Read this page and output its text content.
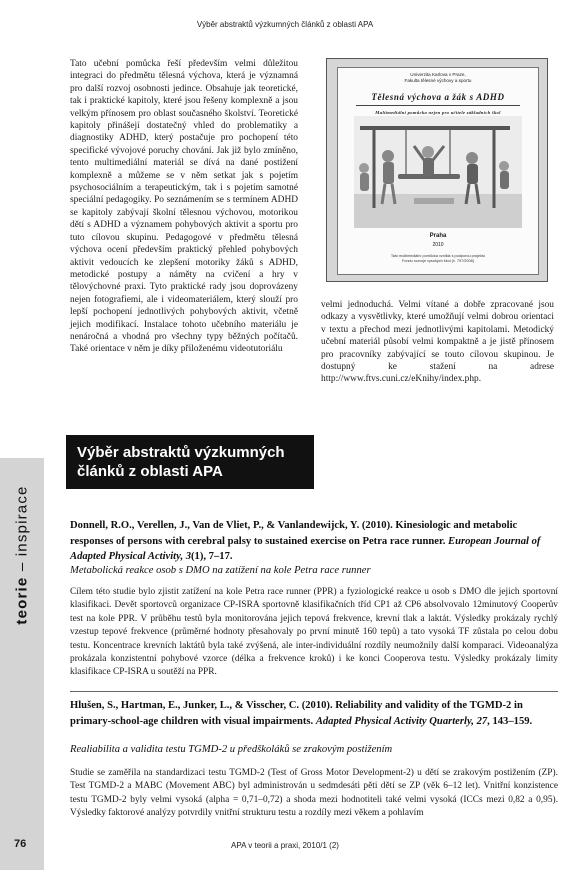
Výběr abstraktů výzkumných článků z oblasti APA

Tato učební pomůcka řeší především velmi důležitou integraci do předmětu tělesná výchova, která je významná pro další rozvoj osobnosti jedince. Obsahuje jak teoretické, tak i praktické kapitoly, které jsou řešeny komplexně a jsou velkým přínosem pro oblast současného školství. Teoretické kapitoly přinášejí dostatečný vhled do problematiky a diagnostiky ADHD, který postačuje pro pochopení této specifické vývojové poruchy chování. Jak již bylo zmíněno, tento multimediální materiál se dívá na dané postižení komplexně a můžeme se v něm setkat jak s pojetím psychosociálním a terapeutickým, tak i s pojetím samotné speciální pedagogiky. Po seznámením se s termínem ADHD se kapitoly zabývají školní tělesnou výchovou, motorikou dětí s ADHD a významem pohybových aktivit a sportu pro tuto cílovou skupinu. Pedagogové v předmětu tělesná výchova ocení především praktický přehled pohybových aktivit vedoucích ke zlepšení motoriky žáků s ADHD, metodické postupy a náměty na cvičení a hry v tělovýchovné praxi. Tyto praktické rady jsou doprovázeny nejen fotografiemi, ale i videomateriálem, který slouží pro lepší pochopení jednotlivých pohybových aktivit, včetně jejich modifikací. Instalace tohoto učebního materiálu je nenáročná a vhodná pro všechny typy běžných počítačů. Také orientace v něm je díky přiloženému videotutoriálu

Univerzita Karlova v Praze,
Fakulta tělesné výchovy a sportu
Tělesná výchova a žák s ADHD
Multimediální pomůcka nejen pro učitele základních škol
Praha
2010
Tato multimediální pomůcka vznikla s podporou projektu
Fondu rozvoje vysokých škol (č. 797/2008)

velmi jednoduchá. Velmi vítané a dobře zpracované jsou odkazy a vysvětlivky, které umožňují velmi dobrou orientaci v textu a přechod mezi jednotlivými kapitolami. Metodický učební materiál působí velmi kompaktně a je jistě přínosem pro pracovníky zabývající se touto cílovou skupinou. Je dostupný ke stažení na adrese http://www.ftvs.cuni.cz/eKnihy/index.php.

teorie – inspirace
76
Výběr abstraktů výzkumných
článků z oblasti APA

Donnell, R.O., Verellen, J., Van de Vliet, P., & Vanlandewijck, Y. (2010). Kinesiologic and metabolic responses of persons with cerebral palsy to sustained exercise on Petra race runner. European Journal of Adapted Physical Activity, 3(1), 7–17.

Metabolická reakce osob s DMO na zatížení na kole Petra race runner

Cílem této studie bylo zjistit zatížení na kole Petra race runner (PPR) a fyziologické reakce u osob s DMO dle jejich sportovní klasifikaci. Devět sportovců organizace CP-ISRA sportovně klasifikačních tříd CP1 až CP6 absolvovalo 12minutový Cooperův test na kole PPR. V průběhu testů byla monitorována jejich tepová frekvence, krevní tlak a laktát. Výsledky prokázaly rychlý vzestup tepové frekvence (průměrné hodnoty přesahovaly po první minutě 160 tepů) a tato vysoká TF zůstala po celou dobu testu. Koncentrace krevních laktátů byla také zvýšená, ale inter-individuální rozdíly neumožnily další komparaci. Videoanalýza prokázala konzistentní pohybové vzorce (délka a frekvence kroků) i ke konci Cooperova testu. Výsledky prokázaly limity klasifikace CP-ISRA u soutěží na PPR.

Hlušen, S., Hartman, E., Junker, L., & Visscher, C. (2010). Reliability and validity of the TGMD-2 in primary-school-age children with visual impairments. Adapted Physical Activity Quarterly, 27, 143–159.

Realiabilita a validita testu TGMD-2 u předškoláků se zrakovým postižením

Studie se zaměřila na standardizaci testu TGMD-2 (Test of Gross Motor Development-2) u dětí se zrakovým postižením (ZP). Test TGMD-2 a MABC (Movement ABC) byl administrován u sedmdesáti pěti dětí se ZP (věk 6–12 let). Vnitřní konzistence testu TGMD-2 byly velmi vysoká (alpha = 0,71–0,72) a shoda mezi hodnotiteli také velmi vysoká (ICCs mezi 0,82 a 0,95). Výsledky faktorové analýzy potvrdily vnitřní strukturu testu a rozdíly mezi věkem a pohlavím

APA v teorii a praxi, 2010/1 (2)
